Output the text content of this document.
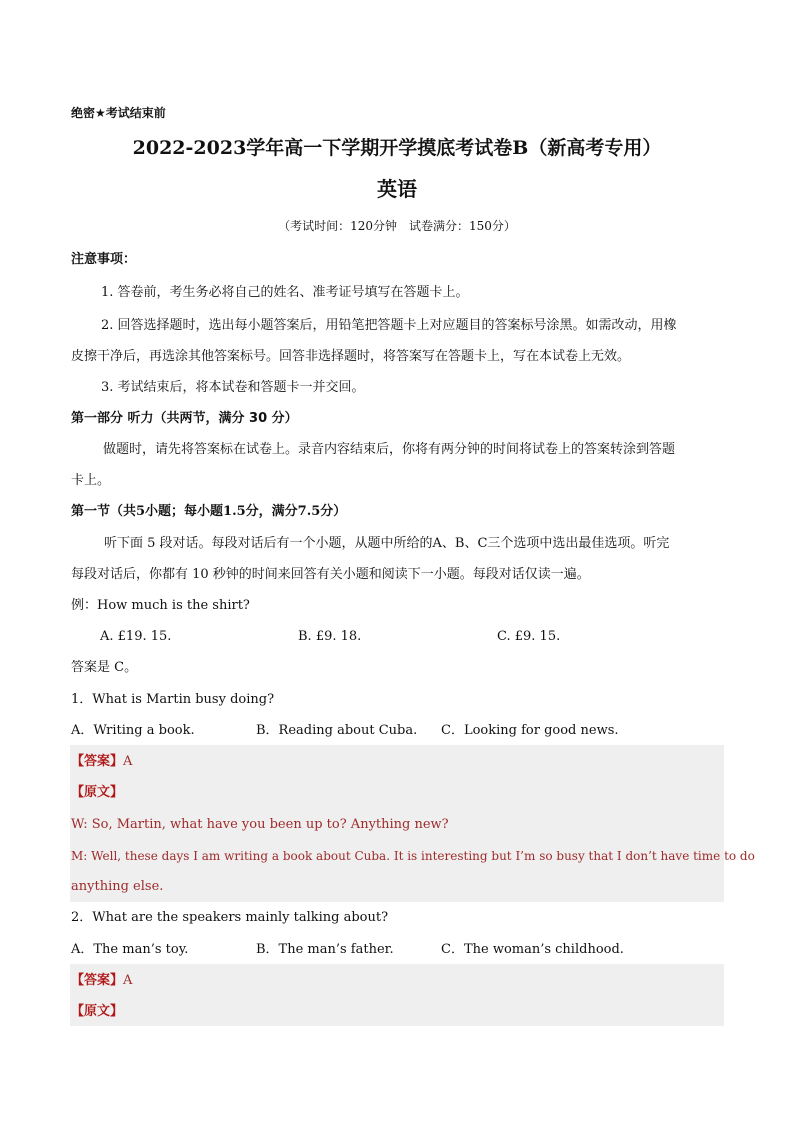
绝密★考试结束前
2022-2023学年高一下学期开学摸底考试卷B（新高考专用）
英语
（考试时间：120分钟　试卷满分：150分）
注意事项：
1. 答卷前，考生务必将自己的姓名、准考证号填写在答题卡上。
2. 回答选择题时，选出每小题答案后，用铅笔把答题卡上对应题目的答案标号涂黑。如需改动，用橡
皮擦干净后，再选涂其他答案标号。回答非选择题时，将答案写在答题卡上，写在本试卷上无效。
3. 考试结束后，将本试卷和答题卡一并交回。
第一部分 听力（共两节，满分 30 分）
做题时，请先将答案标在试卷上。录音内容结束后，你将有两分钟的时间将试卷上的答案转涂到答题
卡上。
第一节（共5小题；每小题1.5分，满分7.5分）
听下面 5 段对话。每段对话后有一个小题，从题中所给的A、B、C三个选项中选出最佳选项。听完
每段对话后，你都有 10 秒钟的时间来回答有关小题和阅读下一小题。每段对话仅读一遍。
例：How much is the shirt?
A. £19. 15.	B. £9. 18.	C. £9. 15.
答案是 C。
1．What is Martin busy doing?
A．Writing a book.	B．Reading about Cuba. C．Looking for good news.
【答案】A
【原文】
W: So, Martin, what have you been up to? Anything new?
M: Well, these days I am writing a book about Cuba. It is interesting but I’m so busy that I don’t have time to do
anything else.
2．What are the speakers mainly talking about?
A．The man’s toy.	B．The man’s father.	C．The woman’s childhood.
【答案】A
【原文】
